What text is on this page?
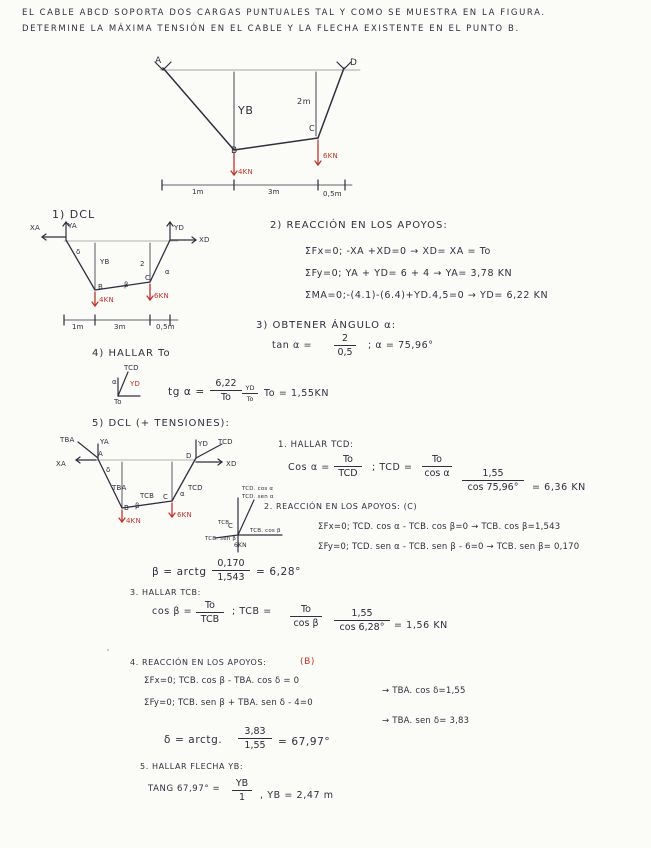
EL CABLE ABCD SOPORTA DOS CARGAS PUNTUALES TAL Y COMO SE MUESTRA EN LA FIGURA.
DETERMINE LA MÁXIMA TENSIÓN EN EL CABLE Y LA FLECHA EXISTENTE EN EL PUNTO B.
A	D
YB
2m
B
C
4KN
6KN
1m	3m	0,5m
1) DCL
XA	YA	YD
XD
δ
YB	2
α
B	β
C
4KN	6KN
1m	3m	0,5m
2) REACCIÓN EN LOS APOYOS:
ΣFx=0; -XA +XD=0 → XD= XA = To
ΣFy=0; YA + YD= 6 + 4 → YA= 3,78 KN
ΣMA=0;-(4.1)-(6.4)+YD.4,5=0 → YD= 6,22 KN
3) OBTENER ÁNGULO α:
tan α =
2
0,5
; α = 75,96°
4) HALLAR To
TCD
α YD
To
tg α =
6,22
To
YD
To	To = 1,55KN
5) DCL (+ TENSIONES):
TBA	YA
A
XA
YD TCD
D
XD
δ
TBA
TCB
TCD
α
B β
C
4KN
6KN
1. HALLAR TCD:
Cos α =
To
TCD
; TCD =
To
cos α	1,55
cos 75,96°	= 6,36 KN
TCD. cos α
TCD. sen α
TCB. cos β
TCB. sen β
TCB
C
6KN
2. REACCIÓN EN LOS APOYOS: (C)
ΣFx=0; TCD. cos α - TCB. cos β=0 → TCB. cos β=1,543
ΣFy=0; TCD. sen α - TCB. sen β - 6=0 → TCB. sen β= 0,170
β = arctg
0,170
1,543	= 6,28°
3. HALLAR TCB:
cos β =
To
TCB
; TCB =	To
cos β
1,55
cos 6,28°	= 1,56 KN
4. REACCIÓN EN LOS APOYOS:	(B)
ΣFx=0; TCB. cos β - TBA. cos δ = 0
→ TBA. cos δ=1,55
ΣFy=0; TCB. sen β + TBA. sen δ - 4=0
→ TBA. sen δ= 3,83
δ = arctg.
3,83
1,55	= 67,97°
5. HALLAR FLECHA YB:
TANG 67,97° =	YB
1	, YB = 2,47 m
